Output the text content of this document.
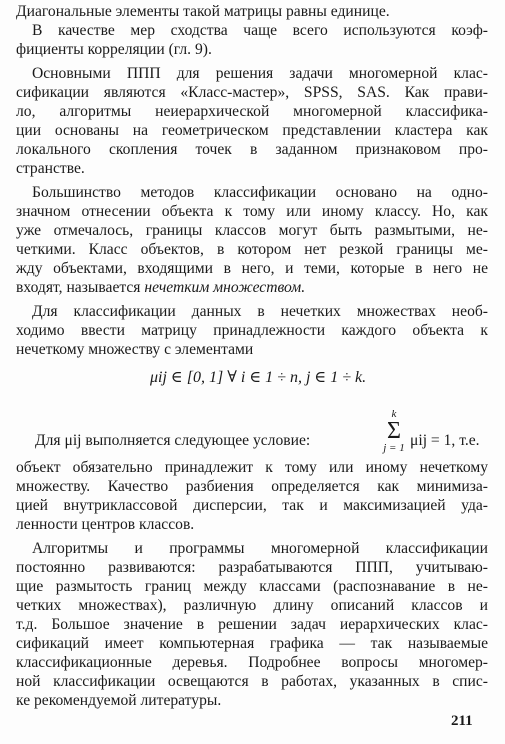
Диагональные элементы такой матрицы равны единице.
В качестве мер сходства чаще всего используются коэф-
фициенты корреляции (гл. 9).
Основными ППП для решения задачи многомерной клас-
сификации являются «Класс-мастер», SPSS, SAS. Как прави-
ло, алгоритмы неиерархической многомерной классифика-
ции основаны на геометрическом представлении кластера как
локального скопления точек в заданном признаковом про-
странстве.
Большинство методов классификации основано на одно-
значном отнесении объекта к тому или иному классу. Но, как
уже отмечалось, границы классов могут быть размытыми, не-
четкими. Класс объектов, в котором нет резкой границы ме-
жду объектами, входящими в него, и теми, которые в него не
входят, называется нечетким множеством.
Для классификации данных в нечетких множествах необ-
ходимо ввести матрицу принадлежности каждого объекта к
нечеткому множеству с элементами
μij ∈ [0, 1] ∀ i ∈ 1 ÷ n, j ∈ 1 ÷ k.
Для μij выполняется следующее условие:
k
Σ
j = 1 μij = 1, т.е.
объект обязательно принадлежит к тому или иному нечеткому
множеству. Качество разбиения определяется как минимиза-
цией внутриклассовой дисперсии, так и максимизацией уда-
ленности центров классов.
Алгоритмы и программы многомерной классификации
постоянно развиваются: разрабатываются ППП, учитываю-
щие размытость границ между классами (распознавание в не-
четких множествах), различную длину описаний классов и
т.д. Большое значение в решении задач иерархических клас-
сификаций имеет компьютерная графика — так называемые
классификационные деревья. Подробнее вопросы многомер-
ной классификации освещаются в работах, указанных в спис-
ке рекомендуемой литературы.
211
